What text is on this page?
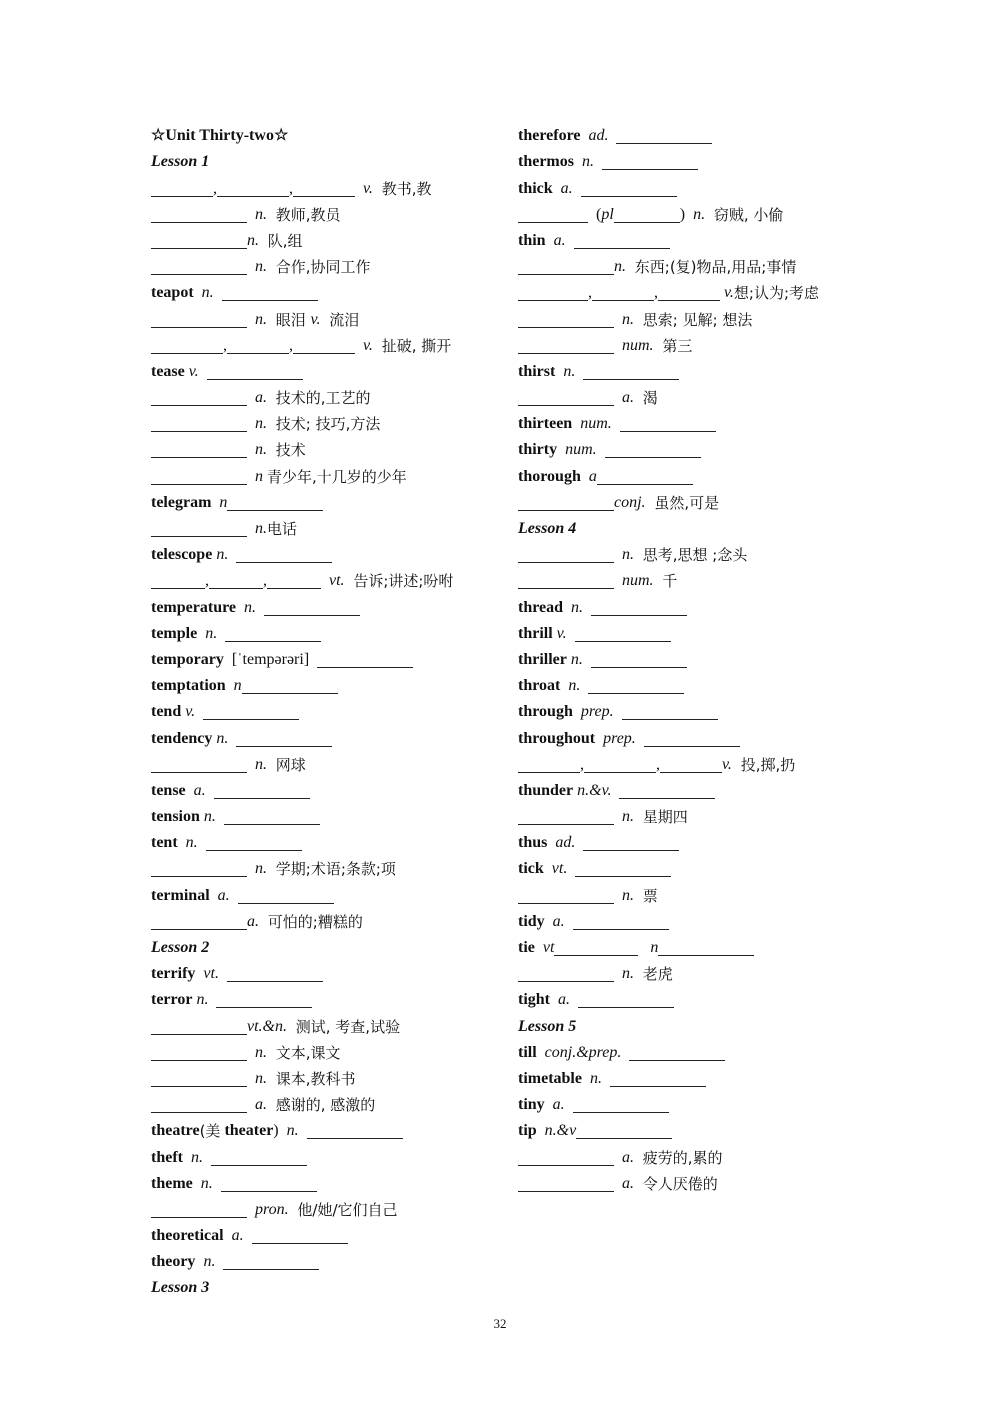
☆Unit Thirty-two☆
Lesson 1
,	,	v. 教书,教
n. 教师,教员
n. 队,组
n. 合作,协同工作
teapot n.
n. 眼泪 v. 流泪
,	,	v. 扯破, 撕开
tease v.
a. 技术的,工艺的
n. 技术; 技巧,方法
n. 技术
n 青少年,十几岁的少年
telegram n
n. 电话
telescope n.
,	,	vt. 告诉;讲述;吩咐
temperature n.
temple n.
temporary [ˈtempərəri]
temptation n
tend v.
tendency n.
n. 网球
tense a.
tension n.
tent n.
n. 学期;术语;条款;项
terminal a.
a. 可怕的;糟糕的
Lesson 2
terrify vt.
terror n.
vt.&n. 测试, 考查,试验
n. 文本,课文
n. 课本,教科书
a. 感谢的, 感激的
theatre (美 theater ) n.
theft n.
theme n.
pron. 他/她/它们自己
theoretical a.
theory n.
Lesson 3
therefore ad.
thermos n.
thick a.
( pl	) n. 窃贼, 小偷
thin a.
n. 东西;(复)物品,用品;事情
,	,	v. 想;认为;考虑
n. 思索; 见解; 想法
num. 第三
thirst n.
a. 渴
thirteen num.
thirty num.
thorough a
conj. 虽然,可是
Lesson 4
n. 思考,思想 ;念头
num. 千
thread n.
thrill v.
thriller n.
throat n.
through prep.
throughout prep.
,	,	v. 投,掷,扔
thunder n.&v.
n. 星期四
thus ad.
tick vt.
n. 票
tidy a.
tie vt	n
n. 老虎
tight a.
Lesson 5
till conj.&prep.
timetable n.
tiny a.
tip n.&v
a. 疲劳的,累的
a. 令人厌倦的
32
